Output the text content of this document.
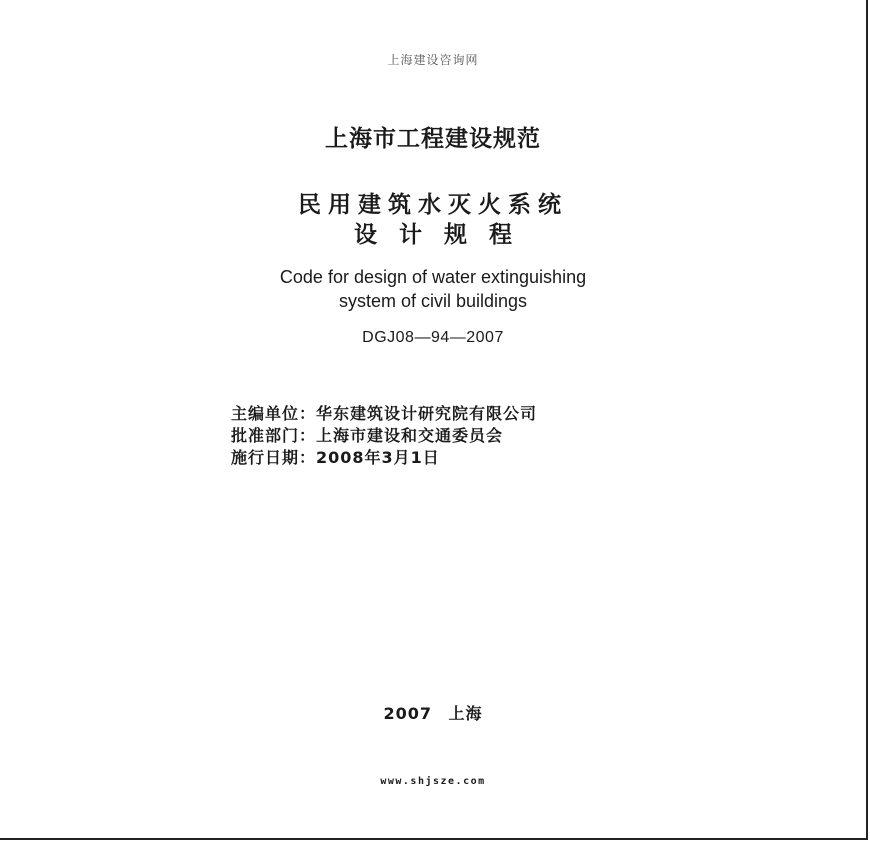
上海建设咨询网
上海市工程建设规范
民用建筑水灭火系统
设计规程
Code for design of water extinguishing
system of civil buildings
DGJ08—94—2007
主编单位：华东建筑设计研究院有限公司
批准部门：上海市建设和交通委员会
施行日期：2008年3月1日
2007 上海
www.shjsze.com
